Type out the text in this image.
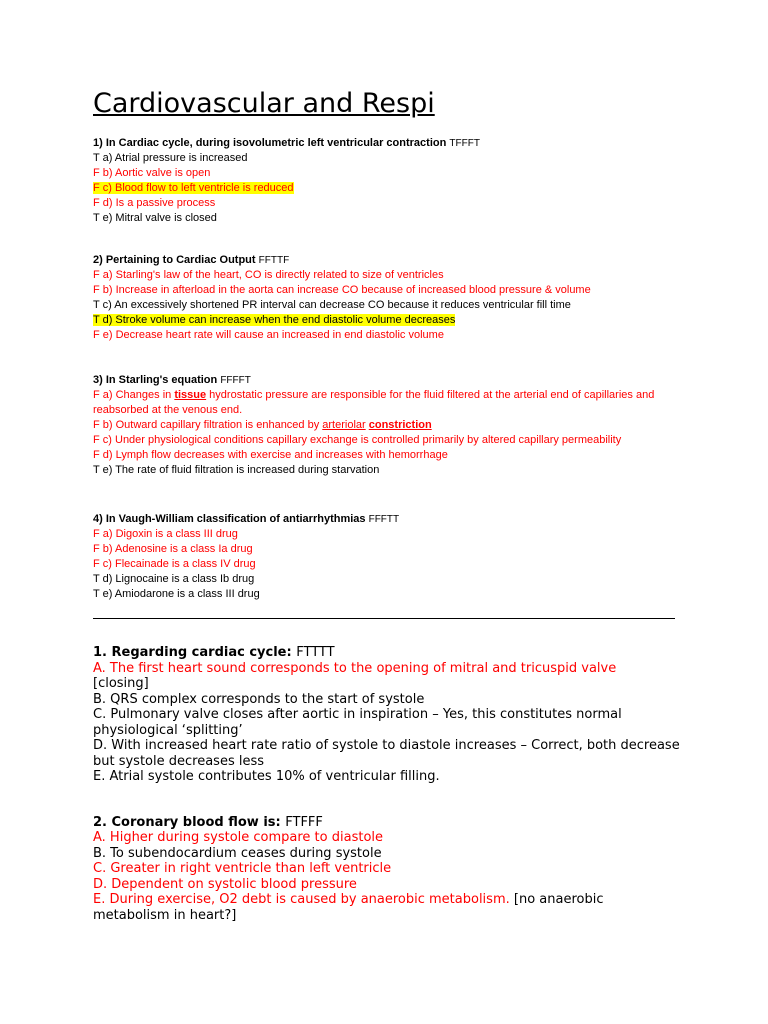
Cardiovascular and Respi
1) In Cardiac cycle, during isovolumetric left ventricular contraction TFFFT
T a) Atrial pressure is increased
F b) Aortic valve is open
F c) Blood flow to left ventricle is reduced
F d) Is a passive process
T e) Mitral valve is closed
2) Pertaining to Cardiac Output FFTTF
F a) Starling's law of the heart, CO is directly related to size of ventricles
F b) Increase in afterload in the aorta can increase CO because of increased blood pressure & volume
T c) An excessively shortened PR interval can decrease CO because it reduces ventricular fill time
T d) Stroke volume can increase when the end diastolic volume decreases
F e) Decrease heart rate will cause an increased in end diastolic volume
3) In Starling's equation FFFFT
F a) Changes in tissue hydrostatic pressure are responsible for the fluid filtered at the arterial end of capillaries and reabsorbed at the venous end.
F b) Outward capillary filtration is enhanced by arteriolar constriction
F c) Under physiological conditions capillary exchange is controlled primarily by altered capillary permeability
F d) Lymph flow decreases with exercise and increases with hemorrhage
T e) The rate of fluid filtration is increased during starvation
4) In Vaugh-William classification of antiarrhythmias FFFTT
F a) Digoxin is a class III drug
F b) Adenosine is a class Ia drug
F c) Flecainade is a class IV drug
T d) Lignocaine is a class Ib drug
T e) Amiodarone is a class III drug
1. Regarding cardiac cycle: FTTTT
A. The first heart sound corresponds to the opening of mitral and tricuspid valve
[closing]
B. QRS complex corresponds to the start of systole
C. Pulmonary valve closes after aortic in inspiration – Yes, this constitutes normal physiological ‘splitting’
D. With increased heart rate ratio of systole to diastole increases – Correct, both decrease but systole decreases less
E. Atrial systole contributes 10% of ventricular filling.
2. Coronary blood flow is: FTFFF
A. Higher during systole compare to diastole
B. To subendocardium ceases during systole
C. Greater in right ventricle than left ventricle
D. Dependent on systolic blood pressure
E. During exercise, O2 debt is caused by anaerobic metabolism. [no anaerobic metabolism in heart?]
